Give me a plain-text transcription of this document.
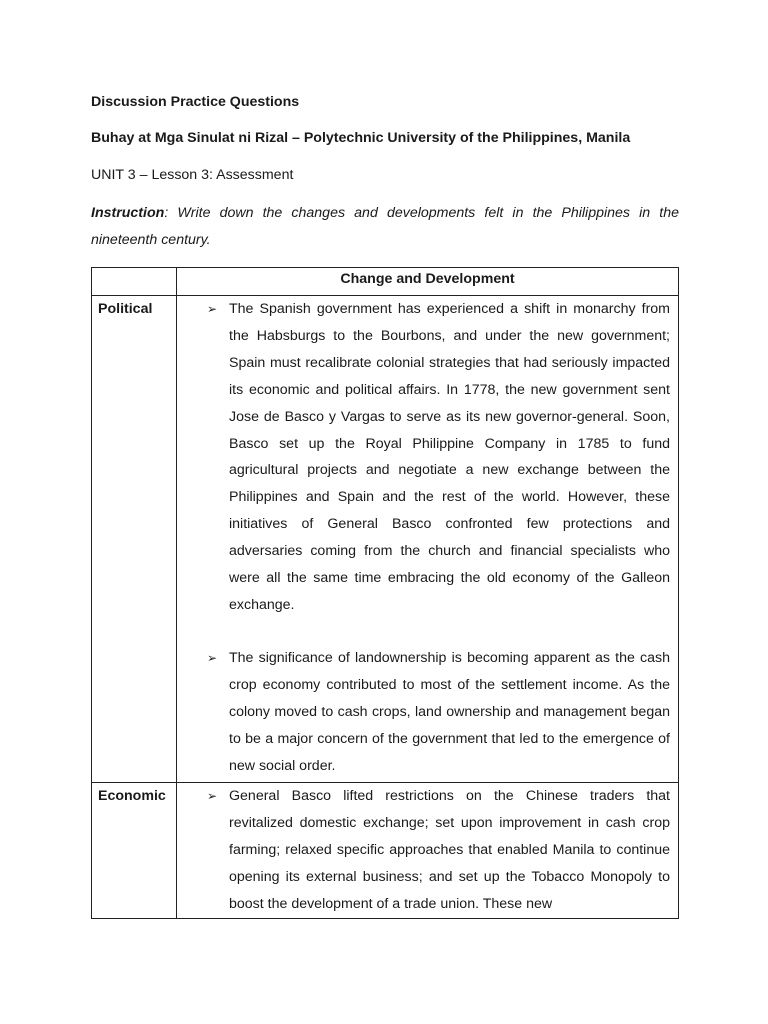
Discussion Practice Questions
Buhay at Mga Sinulat ni Rizal – Polytechnic University of the Philippines, Manila
UNIT 3 – Lesson 3: Assessment
Instruction: Write down the changes and developments felt in the Philippines in the nineteenth century.
	Change and Development
Political	➢ The Spanish government has experienced a shift in monarchy from the Habsburgs to the Bourbons, and under the new government; Spain must recalibrate colonial strategies that had seriously impacted its economic and political affairs. In 1778, the new government sent Jose de Basco y Vargas to serve as its new governor-general. Soon, Basco set up the Royal Philippine Company in 1785 to fund agricultural projects and negotiate a new exchange between the Philippines and Spain and the rest of the world. However, these initiatives of General Basco confronted few protections and adversaries coming from the church and financial specialists who were all the same time embracing the old economy of the Galleon exchange.
➢ The significance of landownership is becoming apparent as the cash crop economy contributed to most of the settlement income. As the colony moved to cash crops, land ownership and management began to be a major concern of the government that led to the emergence of new social order.

Economic	➢ General Basco lifted restrictions on the Chinese traders that revitalized domestic exchange; set upon improvement in cash crop farming; relaxed specific approaches that enabled Manila to continue opening its external business; and set up the Tobacco Monopoly to boost the development of a trade union. These new
